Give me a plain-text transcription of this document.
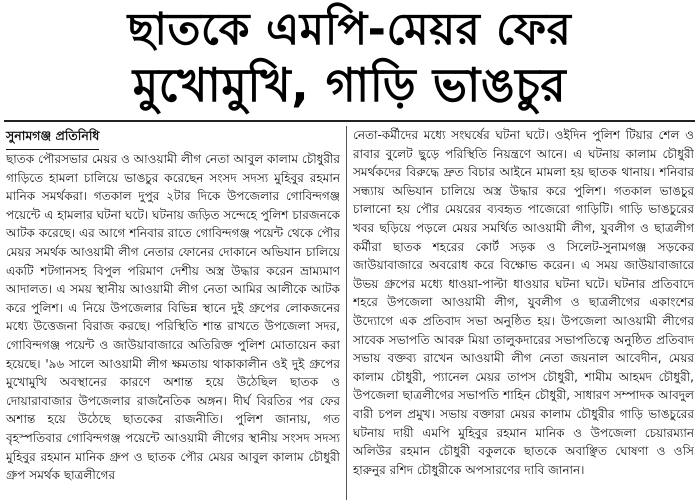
ছাতকে এমপি-মেয়র ফের
মুখোমুখি, গাড়ি ভাঙচুর
সুনামগঞ্জ প্রতিনিধি
ছাতক পৌরসভার মেয়র ও আওয়ামী লীগ নেতা আবুল কালাম চৌধুরীর গাড়িতে হামলা চালিয়ে ভাঙচুর করেছেন সংসদ সদস্য মুহিবুর রহমান মানিক সমর্থকরা। গতকাল দুপুর ২টার দিকে উপজেলার গোবিন্দগঞ্জ পয়েন্টে এ হামলার ঘটনা ঘটে। ঘটনায় জড়িত সন্দেহে পুলিশ চারজনকে আটক করেছে। এর আগে শনিবার রাতে গোবিন্দগঞ্জ পয়েন্ট থেকে পৌর মেয়র সমর্থক আওয়ামী লীগ নেতার ফোনের দোকানে অভিযান চালিয়ে একটি শটগানসহ বিপুল পরিমাণ দেশীয় অস্ত্র উদ্ধার করেন ভ্রাম্যমাণ আদালত। এ সময় স্থানীয় আওয়ামী লীগ নেতা আমির আলীকে আটক করে পুলিশ। এ নিয়ে উপজেলার বিভিন্ন স্থানে দুই গ্রুপের লোকজনের মধ্যে উত্তেজনা বিরাজ করছে। পরিস্থিতি শান্ত রাখতে উপজেলা সদর, গোবিন্দগঞ্জ পয়েন্ট ও জাউয়াবাজারে অতিরিক্ত পুলিশ মোতায়েন করা হয়েছে। '৯৬ সালে আওয়ামী লীগ ক্ষমতায় থাকাকালীন ওই দুই গ্রুপের মুখোমুখি অবস্থানের কারণে অশান্ত হয়ে উঠেছিল ছাতক ও দোয়ারাবাজার উপজেলার রাজনৈতিক অঙ্গন। দীর্ঘ বিরতির পর ফের অশান্ত হয়ে উঠেছে ছাতকের রাজনীতি। পুলিশ জানায়, গত বৃহস্পতিবার গোবিন্দগঞ্জ পয়েন্টে আওয়ামী লীগের স্থানীয় সংসদ সদস্য মুহিবুর রহমান মানিক গ্রুপ ও ছাতক পৌর মেয়র আবুল কালাম চৌধুরী গ্রুপ সমর্থক ছাত্রলীগের
নেতা-কর্মীদের মধ্যে সংঘর্ষের ঘটনা ঘটে। ওইদিন পুলিশ টিয়ার শেল ও রাবার বুলেট ছুড়ে পরিস্থিতি নিয়ন্ত্রণে আনে। এ ঘটনায় কালাম চৌধুরী সমর্থকদের বিরুদ্ধে দ্রুত বিচার আইনে মামলা হয় ছাতক থানায়। শনিবার সন্ধ্যায় অভিযান চালিয়ে অস্ত্র উদ্ধার করে পুলিশ। গতকাল ভাঙচুর চালানো হয় পৌর মেয়রের ব্যবহৃত পাজেরো গাড়িটি। গাড়ি ভাঙচুরের খবর ছড়িয়ে পড়লে মেয়র সমর্থিত আওয়ামী লীগ, যুবলীগ ও ছাত্রলীগ কর্মীরা ছাতক শহরের কোর্ট সড়ক ও সিলেট-সুনামগঞ্জ সড়কের জাউয়াবাজারে অবরোধ করে বিক্ষোভ করেন। এ সময় জাউয়াবাজারে উভয় গ্রুপের মধ্যে ধাওয়া-পাল্টা ধাওয়ার ঘটনা ঘটে। ঘটনার প্রতিবাদে শহরে উপজেলা আওয়ামী লীগ, যুবলীগ ও ছাত্রলীগের একাংশের উদ্যোগে এক প্রতিবাদ সভা অনুষ্ঠিত হয়। উপজেলা আওয়ামী লীগের সাবেক সভাপতি আবরু মিয়া তালুকদারের সভাপতিত্বে অনুষ্ঠিত প্রতিবাদ সভায় বক্তব্য রাখেন আওয়ামী লীগ নেতা জয়নাল আবেদীন, মেয়র কালাম চৌধুরী, প্যানেল মেয়র তাপস চৌধুরী, শামীম আহমদ চৌধুরী, উপজেলা ছাত্রলীগের সভাপতি শাহিন চৌধুরী, সাধারণ সম্পাদক আবদুল বারী চপল প্রমুখ। সভায় বক্তারা মেয়র কালাম চৌধুরীর গাড়ি ভাঙচুরের ঘটনায় দায়ী এমপি মুহিবুর রহমান মানিক ও উপজেলা চেয়ারম্যান অলিউর রহমান চৌধুরী বকুলকে ছাতকে অবাঞ্ছিত ঘোষণা ও ওসি হারুনুর রশিদ চৌধুরীকে অপসারণের দাবি জানান।
